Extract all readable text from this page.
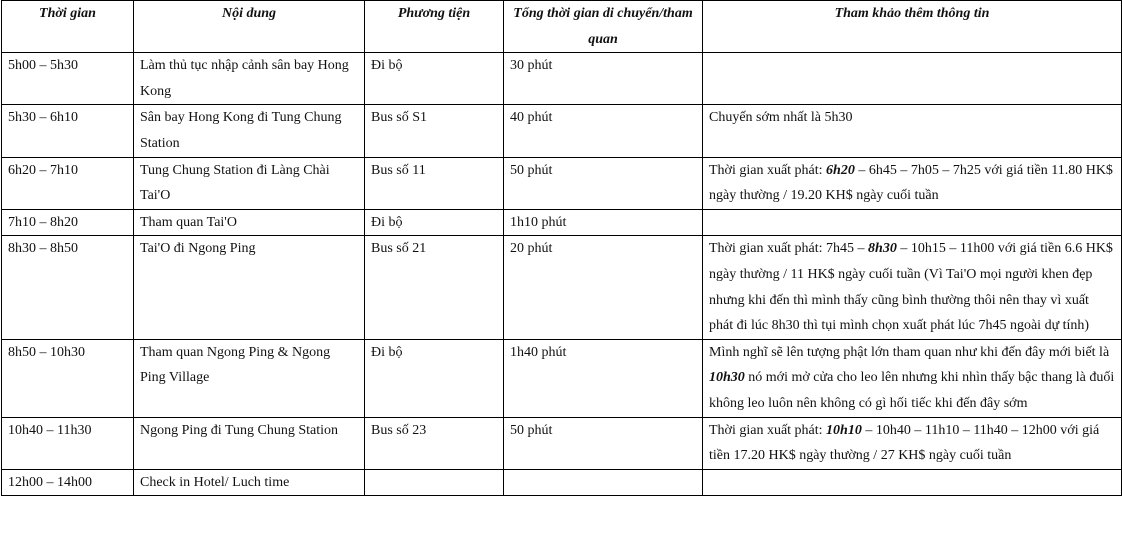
Thời gian	Nội dung	Phương tiện	Tổng thời gian di chuyển/tham quan	Tham khảo thêm thông tin
5h00 – 5h30	Làm thủ tục nhập cảnh sân bay Hong Kong	Đi bộ	30 phút	
5h30 – 6h10	Sân bay Hong Kong đi Tung Chung Station	Bus số S1	40 phút	Chuyến sớm nhất là 5h30
6h20 – 7h10	Tung Chung Station đi Làng Chài Tai'O	Bus số 11	50 phút	Thời gian xuất phát: 6h20 – 6h45 – 7h05 – 7h25 với giá tiền 11.80 HK$ ngày thường / 19.20 KH$ ngày cuối tuần
7h10 – 8h20	Tham quan Tai'O	Đi bộ	1h10 phút	
8h30 – 8h50	Tai'O đi Ngong Ping	Bus số 21	20 phút	Thời gian xuất phát: 7h45 – 8h30 – 10h15 – 11h00 với giá tiền 6.6 HK$ ngày thường / 11 HK$ ngày cuối tuần (Vì Tai'O mọi người khen đẹp nhưng khi đến thì mình thấy cũng bình thường thôi nên thay vì xuất phát đi lúc 8h30 thì tụi mình chọn xuất phát lúc 7h45 ngoài dự tính)
8h50 – 10h30	Tham quan Ngong Ping & Ngong Ping Village	Đi bộ	1h40 phút	Mình nghĩ sẽ lên tượng phật lớn tham quan như khi đến đây mới biết là 10h30 nó mới mở cửa cho leo lên nhưng khi nhìn thấy bậc thang là đuối không leo luôn nên không có gì hối tiếc khi đến đây sớm
10h40 – 11h30	Ngong Ping đi Tung Chung Station	Bus số 23	50 phút	Thời gian xuất phát: 10h10 – 10h40 – 11h10 – 11h40 – 12h00 với giá tiền 17.20 HK$ ngày thường / 27 KH$ ngày cuối tuần
12h00 – 14h00	Check in Hotel/ Luch time			
